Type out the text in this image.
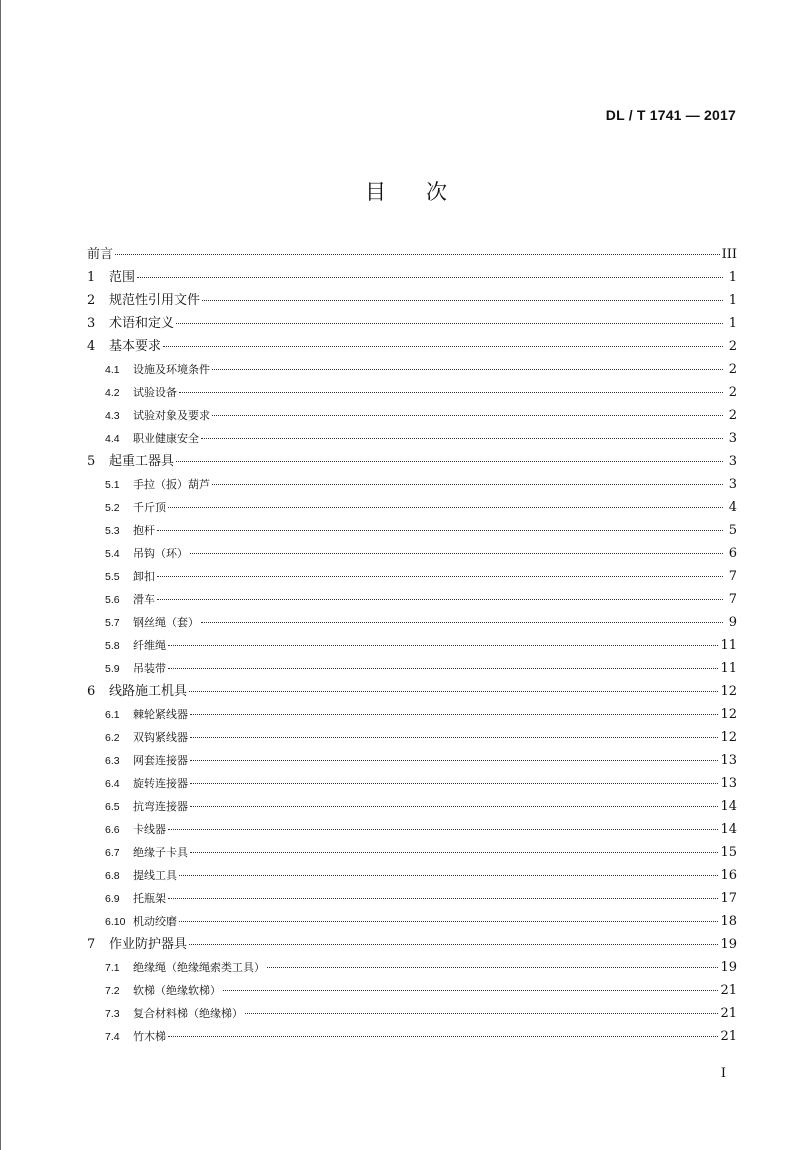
DL / T 1741 — 2017
目次
前言	III
1	范围	1
2	规范性引用文件	1
3	术语和定义	1
4	基本要求	2
4.1	设施及环境条件	2
4.2	试验设备	2
4.3	试验对象及要求	2
4.4	职业健康安全	3
5	起重工器具	3
5.1	手拉（扳）葫芦	3
5.2	千斤顶	4
5.3	抱杆	5
5.4	吊钩（环）	6
5.5	卸扣	7
5.6	滑车	7
5.7	钢丝绳（套）	9
5.8	纤维绳	11
5.9	吊装带	11
6	线路施工机具	12
6.1	棘轮紧线器	12
6.2	双钩紧线器	12
6.3	网套连接器	13
6.4	旋转连接器	13
6.5	抗弯连接器	14
6.6	卡线器	14
6.7	绝缘子卡具	15
6.8	提线工具	16
6.9	托瓶架	17
6.10 机动绞磨	18
7	作业防护器具	19
7.1	绝缘绳（绝缘绳索类工具）	19
7.2	软梯（绝缘软梯）	21
7.3	复合材料梯（绝缘梯）	21
7.4	竹木梯	21
I
